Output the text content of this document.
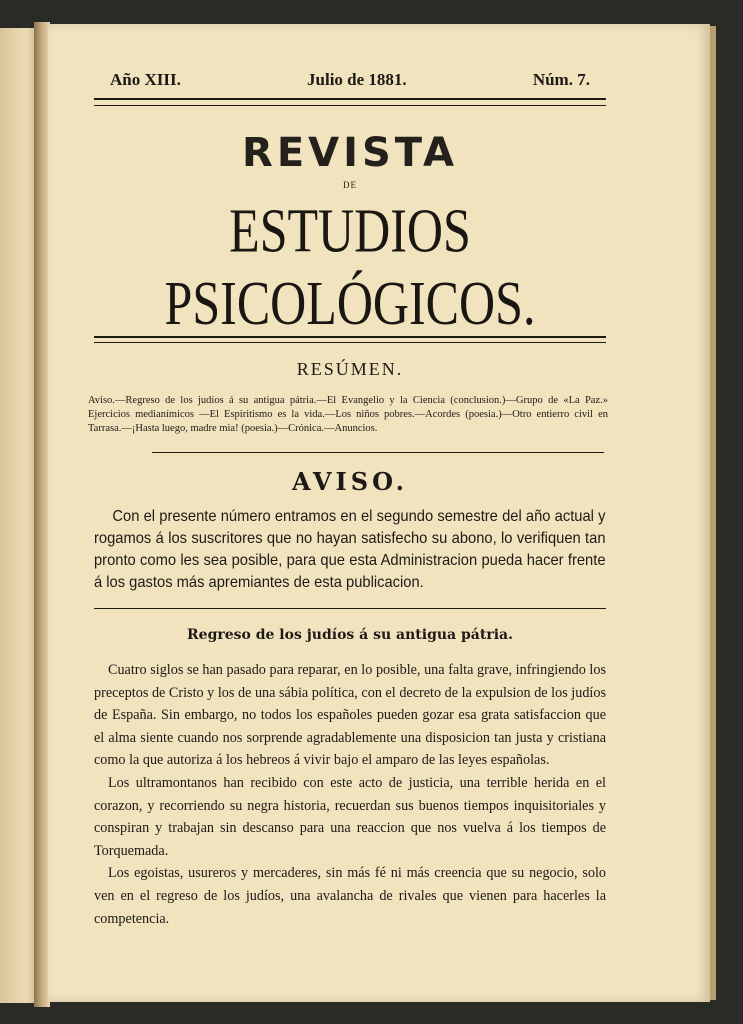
Año XIII.	Julio de 1881.	Núm. 7.
REVISTA
DE
ESTUDIOS PSICOLÓGICOS.
RESÚMEN.
Aviso.—Regreso de los judíos á su antigua pátria.—El Evangelio y la Ciencia (conclusion.)—Grupo de «La Paz.» Ejercicios medianímicos —El Espiritismo es la vida.—Los niños pobres.—Acordes (poesia.)—Otro entierro civil en Tarrasa.—¡Hasta luego, madre mia! (poesia.)—Crónica.—Anuncios.
AVISO.
Con el presente número entramos en el segundo semestre del año actual y rogamos á los suscritores que no hayan satisfecho su abono, lo verifiquen tan pronto como les sea posible, para que esta Administracion pueda hacer frente á los gastos más apremiantes de esta publicacion.
Regreso de los judíos á su antigua pátria.

Cuatro siglos se han pasado para reparar, en lo posible, una falta grave, infringiendo los preceptos de Cristo y los de una sábia política, con el decreto de la expulsion de los judíos de España. Sin embargo, no todos los españoles pueden gozar esa grata satisfaccion que el alma siente cuando nos sorprende agradablemente una disposicion tan justa y cristiana como la que autoriza á los hebreos á vivir bajo el amparo de las leyes españolas.

Los ultramontanos han recibido con este acto de justicia, una terrible herida en el corazon, y recorriendo su negra historia, recuerdan sus buenos tiempos inquisitoriales y conspiran y trabajan sin descanso para una reaccion que nos vuelva á los tiempos de Torquemada.

Los egoistas, usureros y mercaderes, sin más fé ni más creencia que su negocio, solo ven en el regreso de los judíos, una avalancha de rivales que vienen para hacerles la competencia.
